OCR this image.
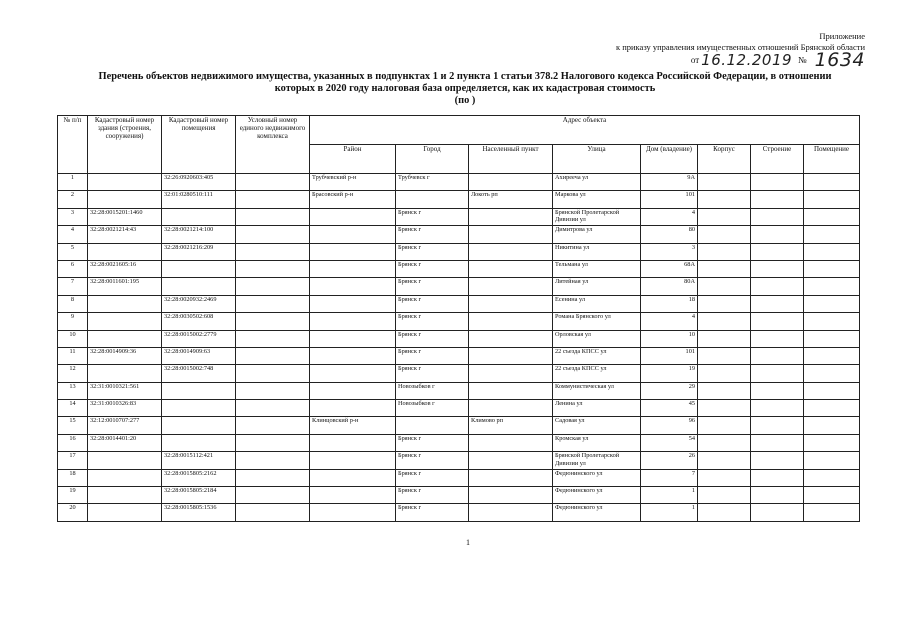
Приложение
к приказу управления имущественных отношений Брянской области
от 16.12.2019 № 1634
Перечень объектов недвижимого имущества, указанных в подпунктах 1 и 2 пункта 1 статьи 378.2 Налогового кодекса Российской Федерации, в отношении
которых в 2020 году налоговая база определяется, как их кадастровая стоимость
(по )
№ п/п	Кадастровый номер здания (строения, сооружения)	Кадастровый номер помещения	Условный номер единого недвижимого комплекса	Адрес объекта							
				Район	Город	Населенный пункт	Улица	Дом (владение)	Корпус	Строение	Помещение
1		32:26:0920603:405		Трубчевский р-н	Трубчевск г		Ахирееча ул	9А			
2		32:01:0280510:111		Брасовский р-н		Локоть рп	Маркова ул	101			
3	32:28:0015201:1460				Брянск г		Брянской Пролетарской Дивизии ул	4			
4	32:28:0021214:43	32:28:0021214:100			Брянск г		Димитрова ул	80			
5		32:28:0021216:209			Брянск г		Никитина ул	3			
6	32:28:0021605:16				Брянск г		Тельмана ул	68А			
7	32:28:0011601:195				Брянск г		Литейная ул	80А			
8		32:28:0020932:2469			Брянск г		Есенина ул	18			
9		32:28:0030502:608			Брянск г		Романа Брянского ул	4			
10		32:28:0015002:2779			Брянск г		Орловская ул	10			
11	32:28:0014909:36	32:28:0014909:63			Брянск г		22 съезда КПСС ул	101			
12		32:28:0015002:748			Брянск г		22 съезда КПСС ул	19			
13	32:31:0010321:561				Новозыбков г		Коммунистическая ул	29			
14	32:31:0010326:83				Новозыбков г		Ленина ул	45			
15	32:12:0010707:277			Клинцовский р-н		Климово рп	Садовая ул	96			
16	32:28:0014401:20				Брянск г		Кромская ул	54			
17		32:28:0015112:421			Брянск г		Брянской Пролетарской Дивизии ул	26			
18		32:28:0015805:2162			Брянск г		Федюнинского ул	7			
19		32:28:0015805:2184			Брянск г		Федюнинского ул	1			
20		32:28:0015805:1536			Брянск г		Федюнинского ул	1			
1
